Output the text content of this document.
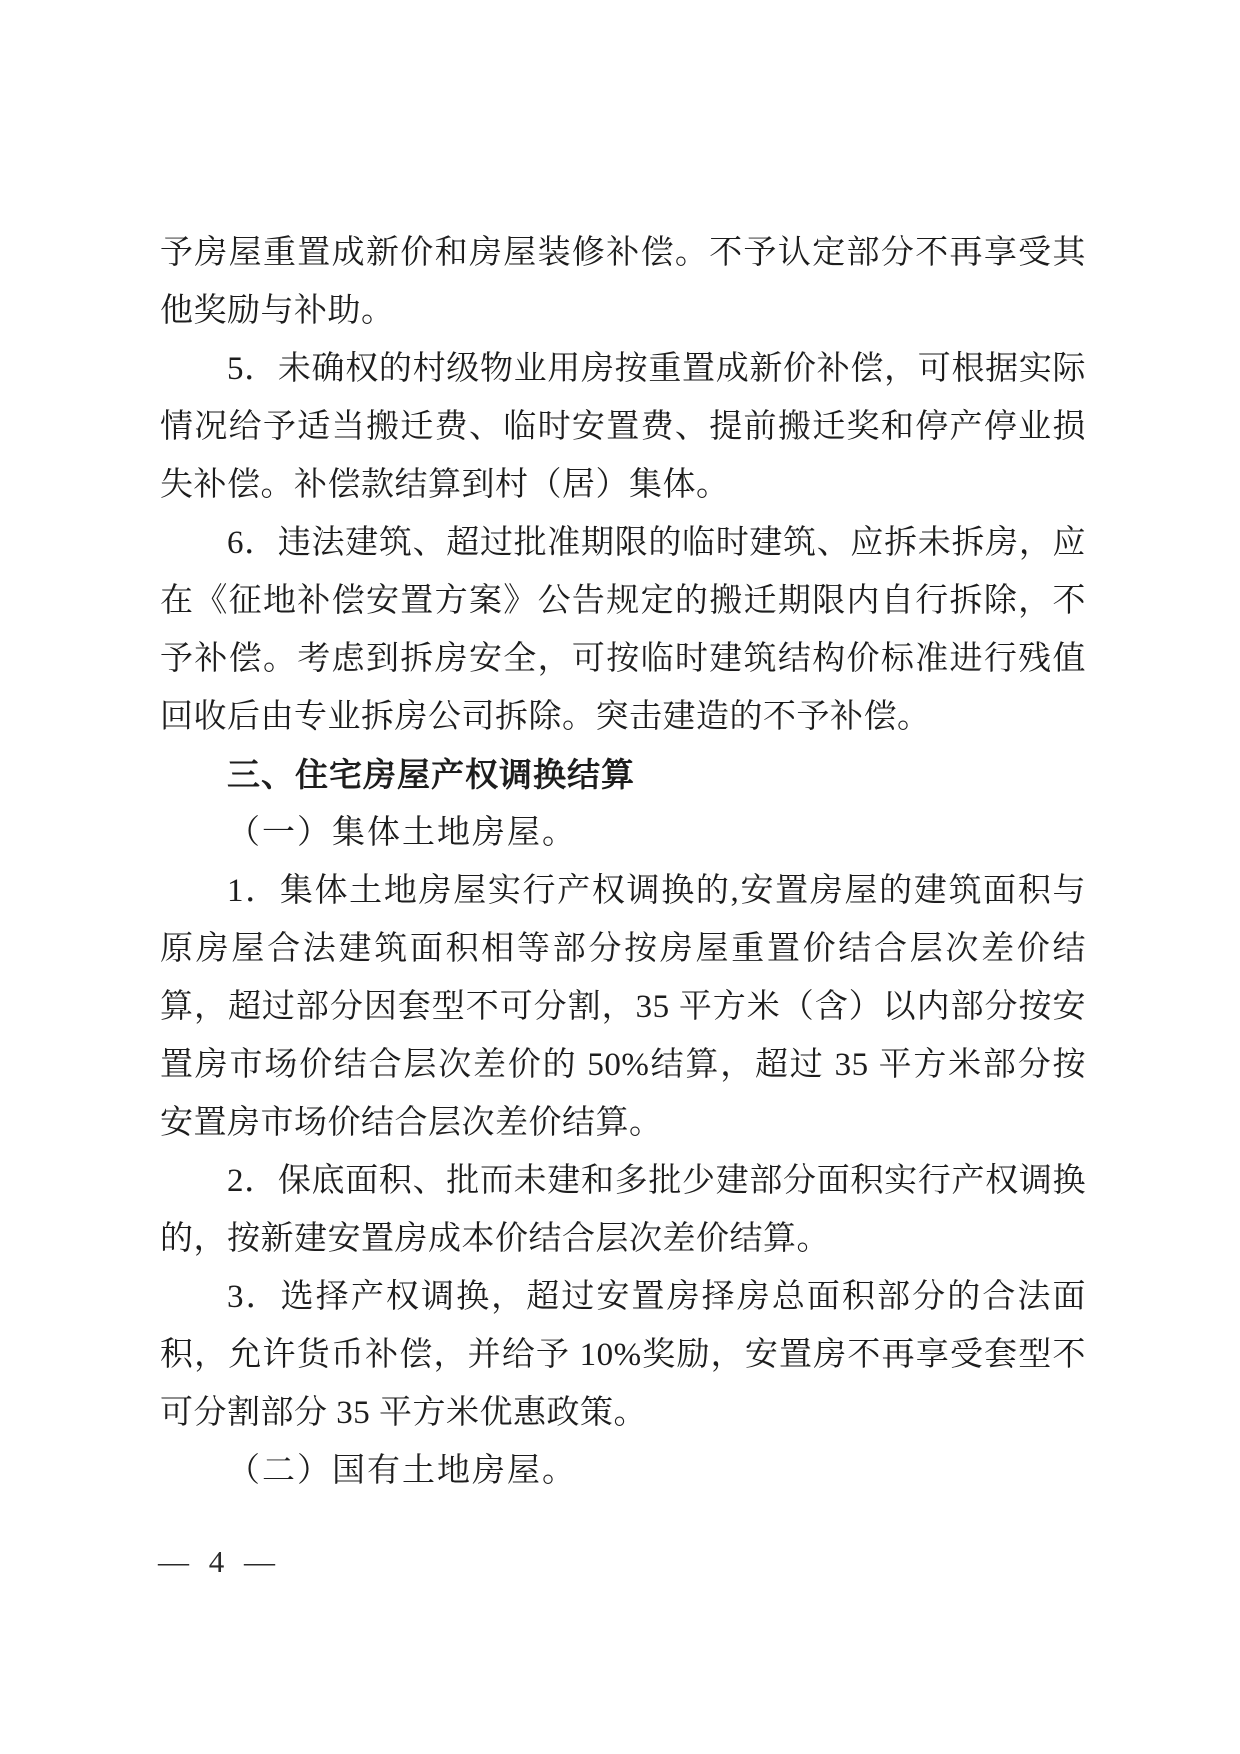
予房屋重置成新价和房屋装修补偿。不予认定部分不再享受其他奖励与补助。

5．未确权的村级物业用房按重置成新价补偿，可根据实际情况给予适当搬迁费、临时安置费、提前搬迁奖和停产停业损失补偿。补偿款结算到村（居）集体。

6．违法建筑、超过批准期限的临时建筑、应拆未拆房，应在《征地补偿安置方案》公告规定的搬迁期限内自行拆除，不予补偿。考虑到拆房安全，可按临时建筑结构价标准进行残值回收后由专业拆房公司拆除。突击建造的不予补偿。

三、住宅房屋产权调换结算

（一）集体土地房屋。

1．集体土地房屋实行产权调换的,安置房屋的建筑面积与原房屋合法建筑面积相等部分按房屋重置价结合层次差价结算，超过部分因套型不可分割，35 平方米（含）以内部分按安置房市场价结合层次差价的 50%结算，超过 35 平方米部分按安置房市场价结合层次差价结算。

2．保底面积、批而未建和多批少建部分面积实行产权调换的，按新建安置房成本价结合层次差价结算。

3．选择产权调换，超过安置房择房总面积部分的合法面积，允许货币补偿，并给予 10%奖励，安置房不再享受套型不可分割部分 35 平方米优惠政策。

（二）国有土地房屋。

— 4 —
